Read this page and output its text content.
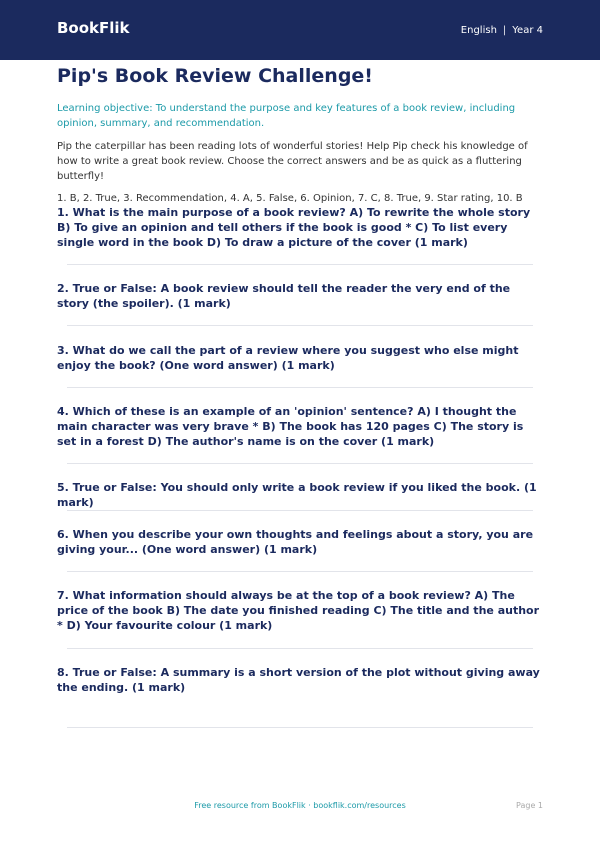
BookFlik	English | Year 4
Pip's Book Review Challenge!
Learning objective: To understand the purpose and key features of a book review, including opinion, summary, and recommendation.
Pip the caterpillar has been reading lots of wonderful stories! Help Pip check his knowledge of how to write a great book review. Choose the correct answers and be as quick as a fluttering butterfly!
1. B, 2. True, 3. Recommendation, 4. A, 5. False, 6. Opinion, 7. C, 8. True, 9. Star rating, 10. B
1. What is the main purpose of a book review? A) To rewrite the whole story B) To give an opinion and tell others if the book is good * C) To list every single word in the book D) To draw a picture of the cover (1 mark)
2. True or False: A book review should tell the reader the very end of the story (the spoiler). (1 mark)
3. What do we call the part of a review where you suggest who else might enjoy the book? (One word answer) (1 mark)
4. Which of these is an example of an 'opinion' sentence? A) I thought the main character was very brave * B) The book has 120 pages C) The story is set in a forest D) The author's name is on the cover (1 mark)
5. True or False: You should only write a book review if you liked the book. (1 mark)
6. When you describe your own thoughts and feelings about a story, you are giving your... (One word answer) (1 mark)
7. What information should always be at the top of a book review? A) The price of the book B) The date you finished reading C) The title and the author * D) Your favourite colour (1 mark)
8. True or False: A summary is a short version of the plot without giving away the ending. (1 mark)
Free resource from BookFlik · bookflik.com/resources	Page 1
